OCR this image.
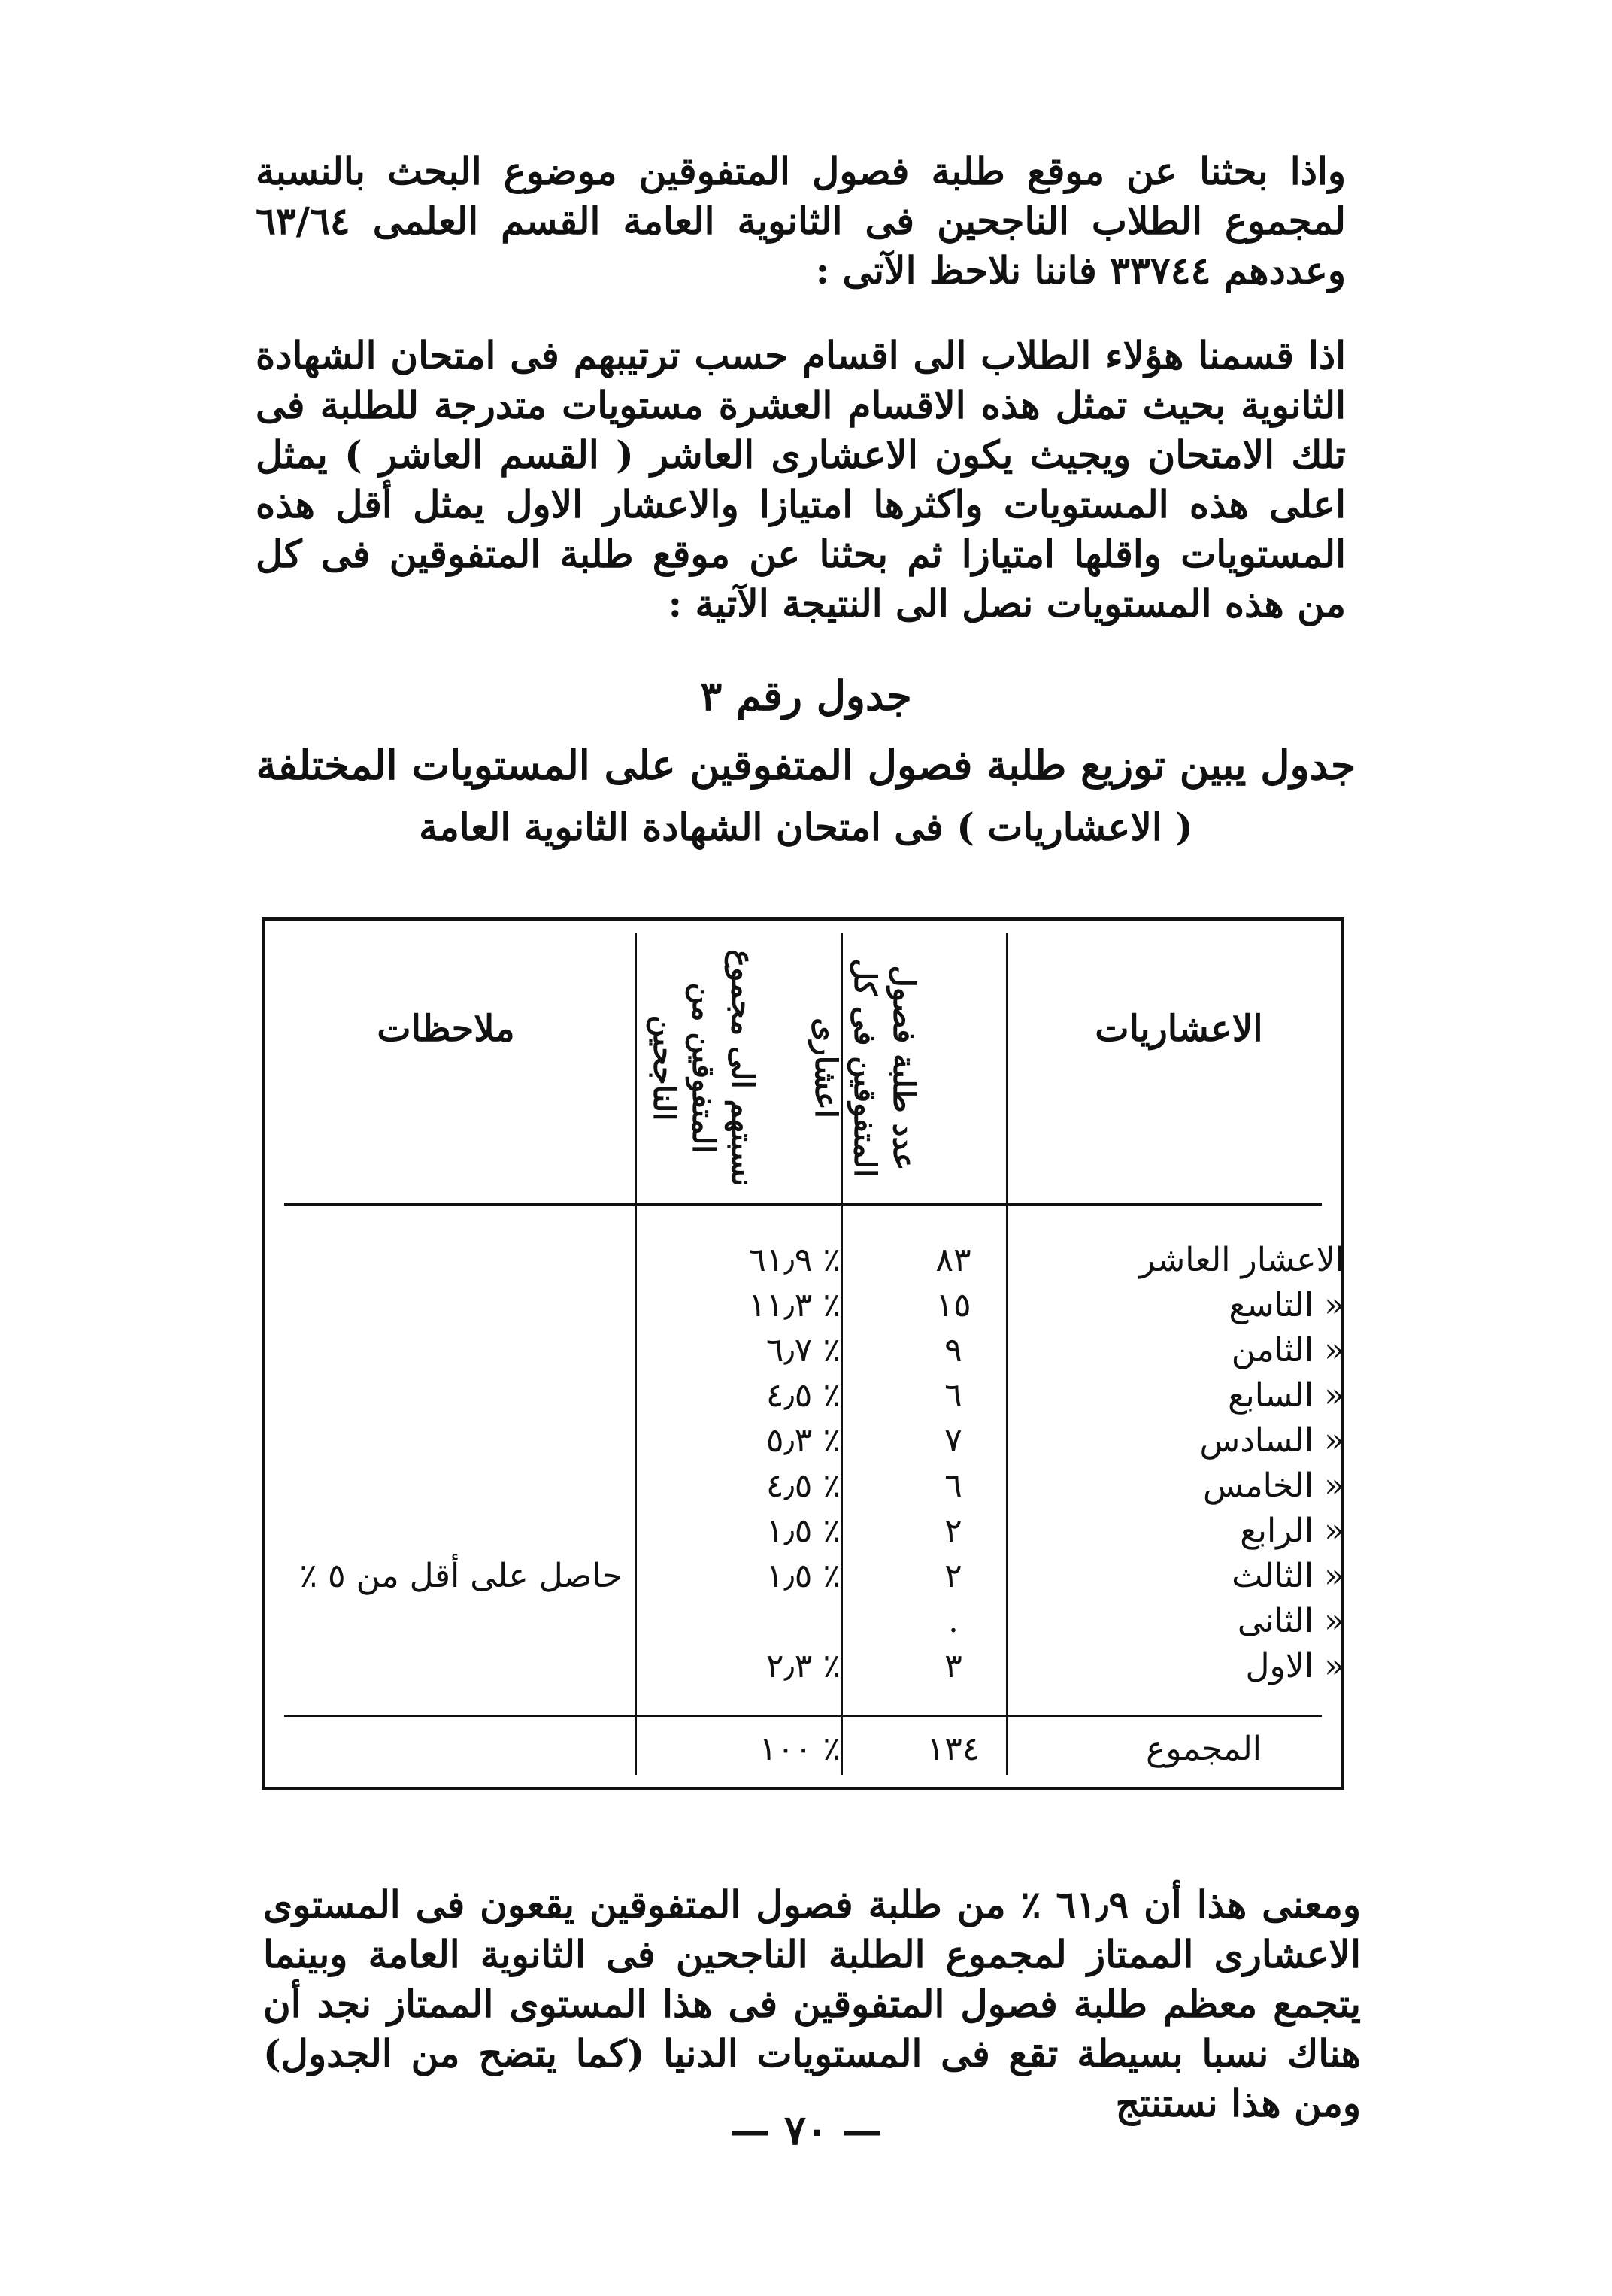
واذا بحثنا عن موقع طلبة فصول المتفوقين موضوع البحث بالنسبة لمجموع الطلاب الناجحين فى الثانوية العامة القسم العلمى ٦٣/٦٤ وعددهم ٣٣٧٤٤ فاننا نلاحظ الآتى :

اذا قسمنا هؤلاء الطلاب الى اقسام حسب ترتيبهم فى امتحان الشهادة الثانوية بحيث تمثل هذه الاقسام العشرة مستويات متدرجة للطلبة فى تلك الامتحان ويجيث يكون الاعشارى العاشر ( القسم العاشر ) يمثل اعلى هذه المستويات واكثرها امتيازا والاعشار الاول يمثل أقل هذه المستويات واقلها امتيازا ثم بحثنا عن موقع طلبة المتفوقين فى كل من هذه المستويات نصل الى النتيجة الآتية :

جدول رقم ٣
جدول يبين توزيع طلبة فصول المتفوقين على المستويات المختلفة
( الاعشاريات ) فى امتحان الشهادة الثانوية العامة
الاعشاريات
ملاحظات	عدد طلبة فصول المتفوقين فى كل اعشارى
نسبتهم الى مجموع المتفوقين من الناجحين
الاعشار العاشر
٨٣
٦١٫٩ ٪
« التاسع
١٥
١١٫٣ ٪
« الثامن
٩
٦٫٧ ٪
« السابع
٦
٤٫٥ ٪
« السادس
٧
٥٫٣ ٪
« الخامس
٦
٤٫٥ ٪
« الرابع
٢
١٫٥ ٪
« الثالث
٢
١٫٥ ٪
حاصل على أقل من ٥ ٪
« الثانى
.
« الاول
٣
٢٫٣ ٪
المجموع
١٣٤
١٠٠ ٪

ومعنى هذا أن ٦١٫٩ ٪ من طلبة فصول المتفوقين يقعون فى المستوى الاعشارى الممتاز لمجموع الطلبة الناجحين فى الثانوية العامة وبينما يتجمع معظم طلبة فصول المتفوقين فى هذا المستوى الممتاز نجد أن هناك نسبا بسيطة تقع فى المستويات الدنيا (كما يتضح من الجدول) ومن هذا نستنتج

— ٧٠ —
